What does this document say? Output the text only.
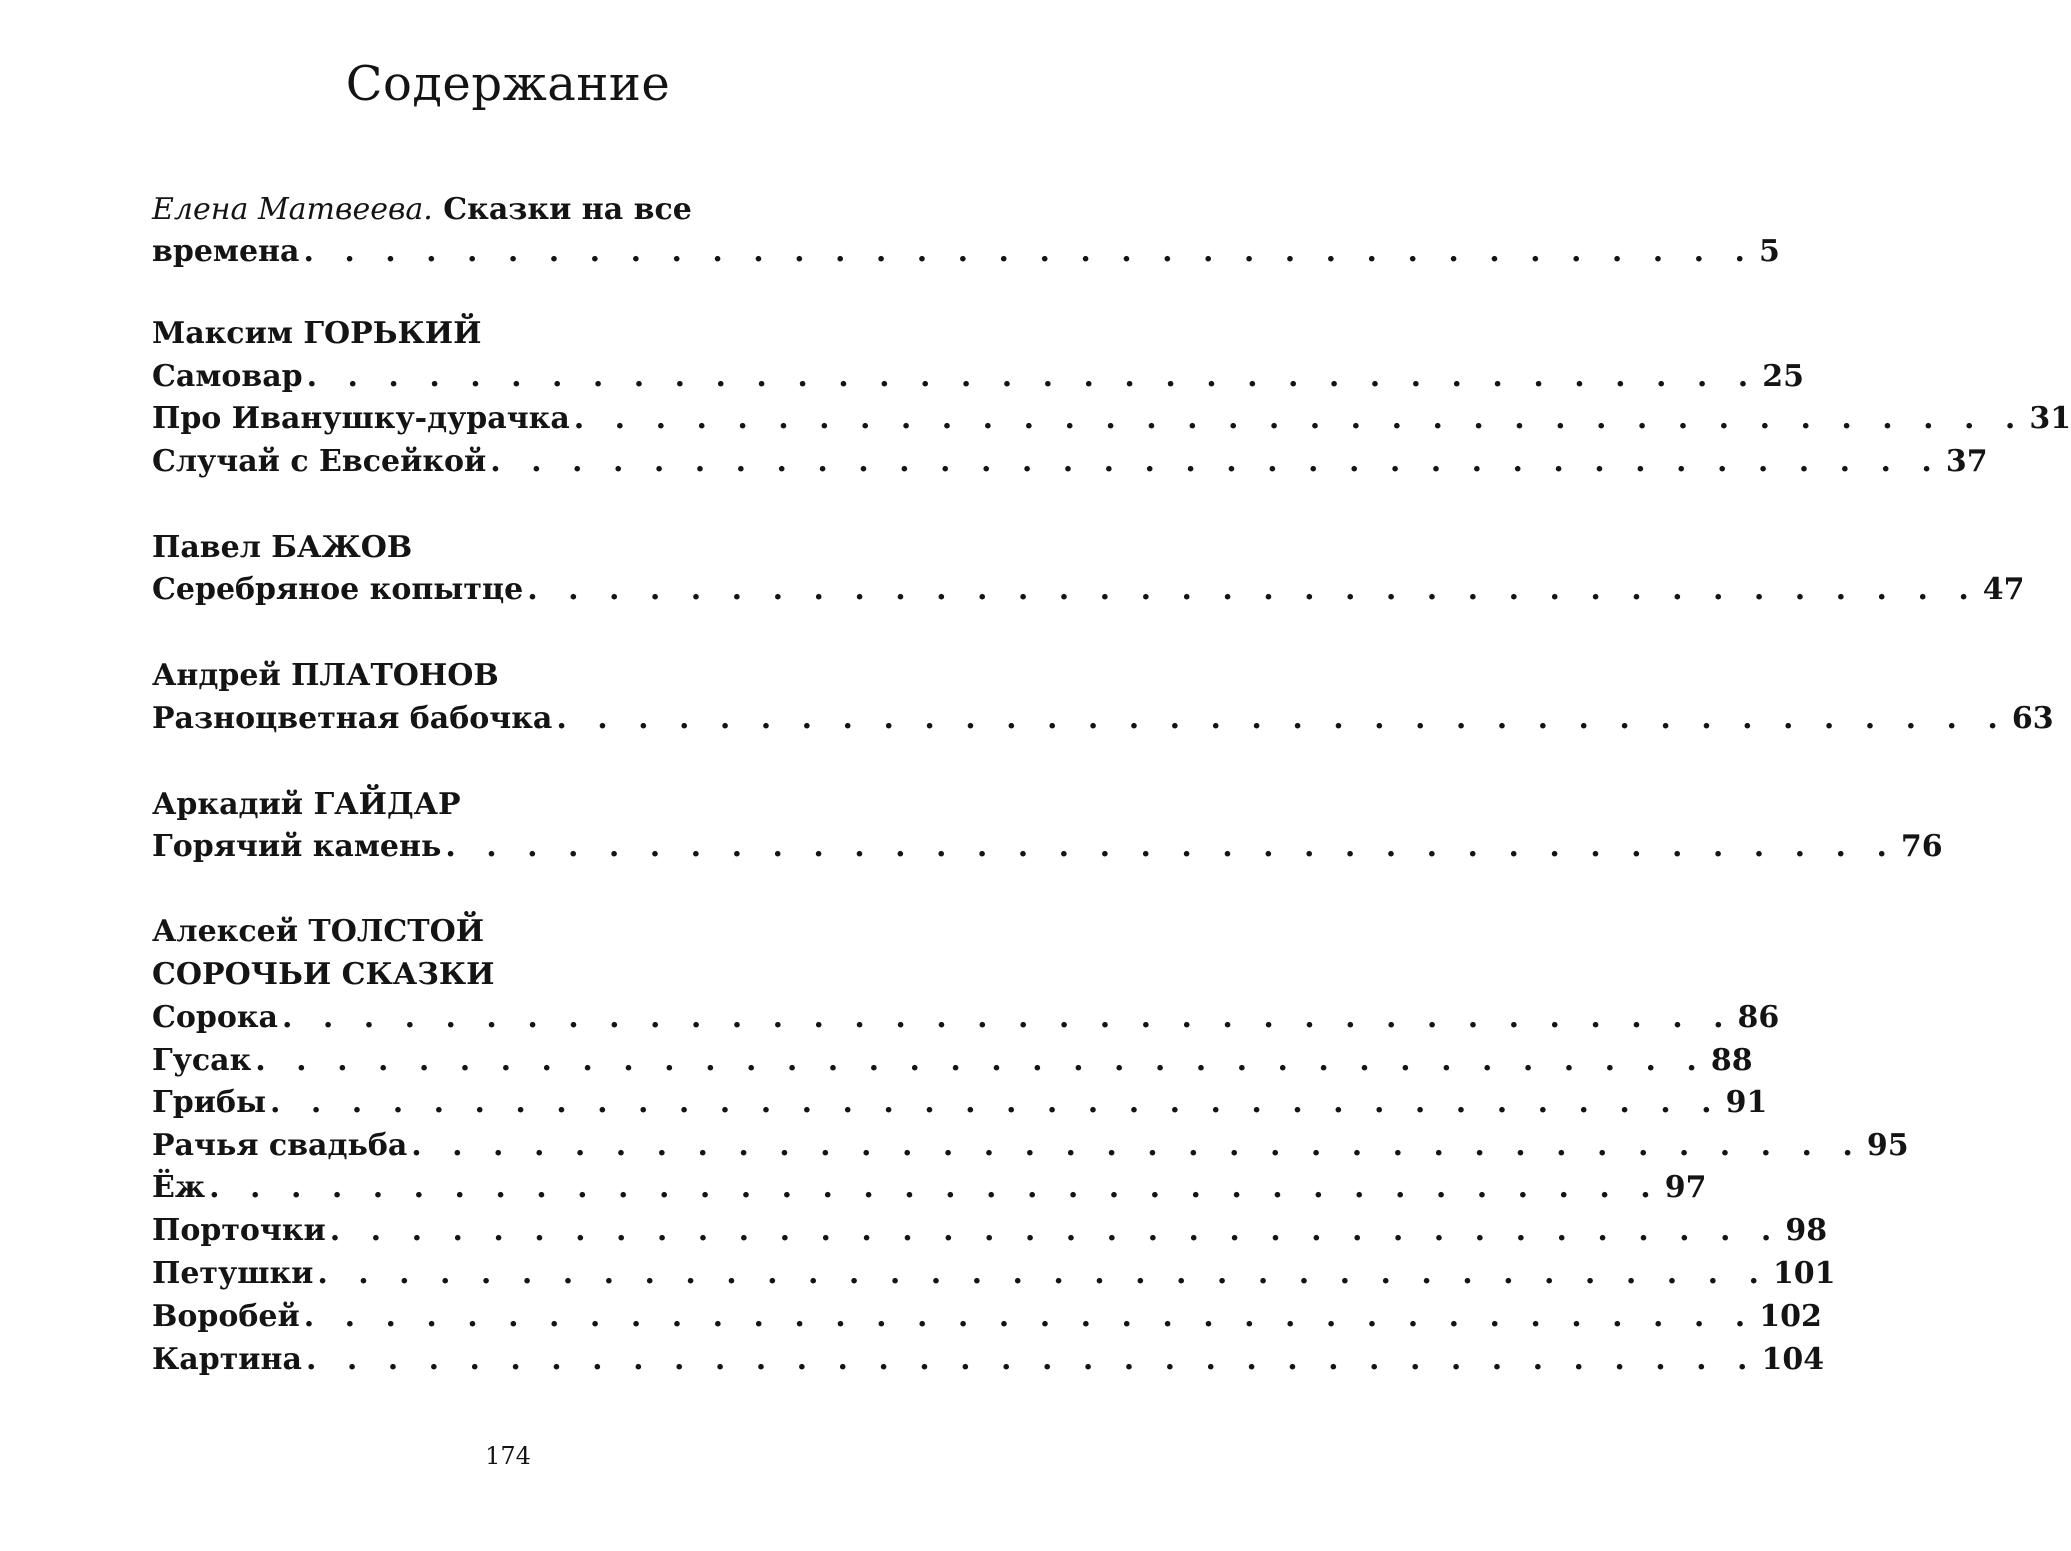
Содержание
Елена Матвеева. Сказки на все
времена . . . . . . . . . . . . . . . . . . . . . . . . . . . . . . . . . . . . 5
Максим ГОРЬКИЙ
Самовар . . . . . . . . . . . . . . . . . . . . . . . . . . . . . . . . . . . . 25
Про Иванушку-дурачка . . . . . . . . . . . . . . . . . . . . . . . . . . . . . . . . . . . . 31
Случай с Евсейкой . . . . . . . . . . . . . . . . . . . . . . . . . . . . . . . . . . . . 37
Павел БАЖОВ
Серебряное копытце . . . . . . . . . . . . . . . . . . . . . . . . . . . . . . . . . . . . 47
Андрей ПЛАТОНОВ
Разноцветная бабочка . . . . . . . . . . . . . . . . . . . . . . . . . . . . . . . . . . . . 63
Аркадий ГАЙДАР
Горячий камень . . . . . . . . . . . . . . . . . . . . . . . . . . . . . . . . . . . . 76
Алексей ТОЛСТОЙ
СОРОЧЬИ СКАЗКИ
Сорока . . . . . . . . . . . . . . . . . . . . . . . . . . . . . . . . . . . . 86
Гусак . . . . . . . . . . . . . . . . . . . . . . . . . . . . . . . . . . . . 88
Грибы . . . . . . . . . . . . . . . . . . . . . . . . . . . . . . . . . . . . 91
Рачья свадьба . . . . . . . . . . . . . . . . . . . . . . . . . . . . . . . . . . . . 95
Ёж . . . . . . . . . . . . . . . . . . . . . . . . . . . . . . . . . . . . 97
Порточки . . . . . . . . . . . . . . . . . . . . . . . . . . . . . . . . . . . . 98
Петушки . . . . . . . . . . . . . . . . . . . . . . . . . . . . . . . . . . . . 101
Воробей . . . . . . . . . . . . . . . . . . . . . . . . . . . . . . . . . . . . 102
Картина . . . . . . . . . . . . . . . . . . . . . . . . . . . . . . . . . . . . 104
174
